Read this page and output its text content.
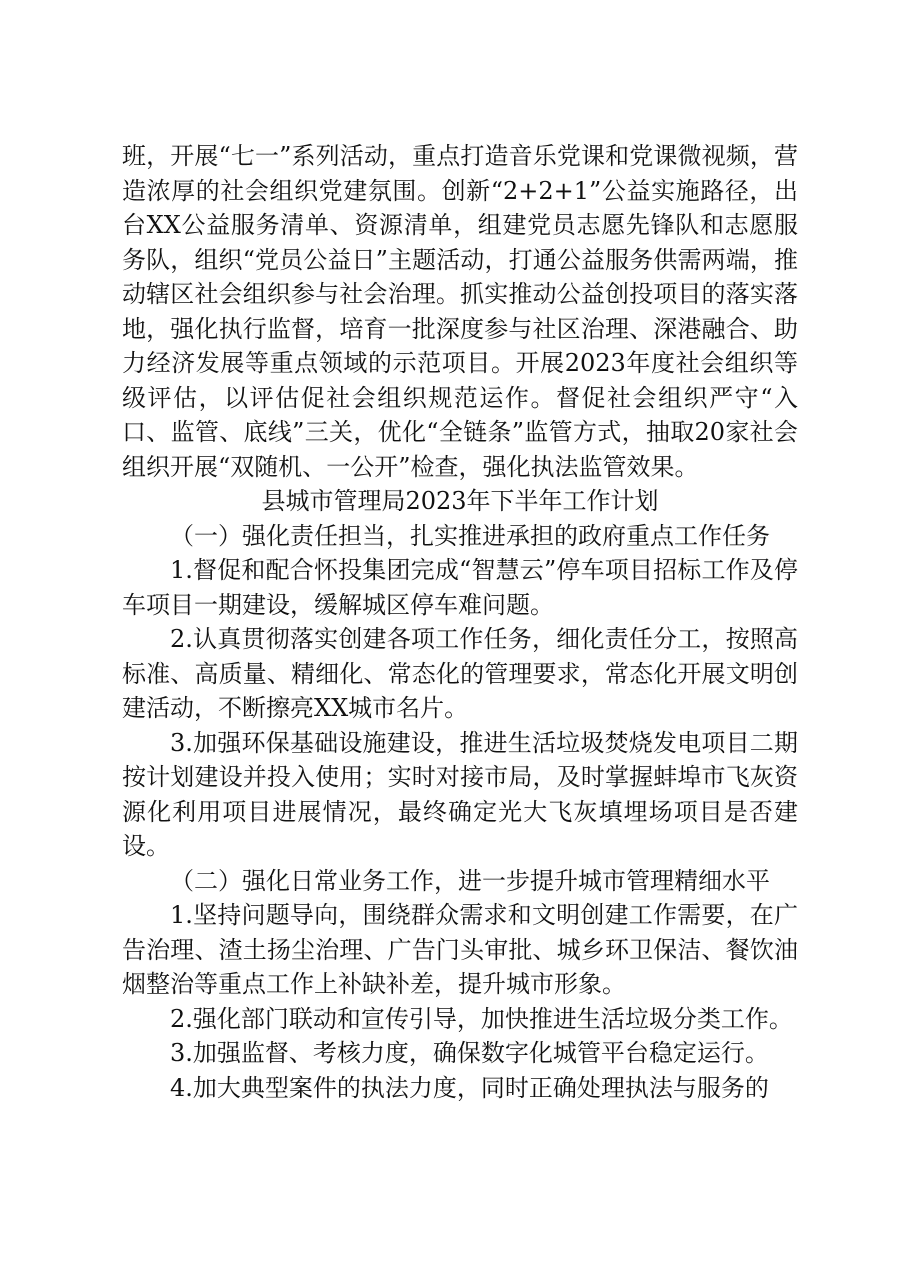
班，开展“七一”系列活动，重点打造音乐党课和党课微视频，营造浓厚的社会组织党建氛围。创新“2+2+1”公益实施路径，出台XX公益服务清单、资源清单，组建党员志愿先锋队和志愿服务队，组织“党员公益日”主题活动，打通公益服务供需两端，推动辖区社会组织参与社会治理。抓实推动公益创投项目的落实落地，强化执行监督，培育一批深度参与社区治理、深港融合、助力经济发展等重点领域的示范项目。开展2023年度社会组织等级评估，以评估促社会组织规范运作。督促社会组织严守“入口、监管、底线”三关，优化“全链条”监管方式，抽取20家社会组织开展“双随机、一公开”检查，强化执法监管效果。

县城市管理局2023年下半年工作计划

（一）强化责任担当，扎实推进承担的政府重点工作任务

1.督促和配合怀投集团完成“智慧云”停车项目招标工作及停车项目一期建设，缓解城区停车难问题。

2.认真贯彻落实创建各项工作任务，细化责任分工，按照高标准、高质量、精细化、常态化的管理要求，常态化开展文明创建活动，不断擦亮XX城市名片。

3.加强环保基础设施建设，推进生活垃圾焚烧发电项目二期按计划建设并投入使用；实时对接市局，及时掌握蚌埠市飞灰资源化利用项目进展情况，最终确定光大飞灰填埋场项目是否建设。

（二）强化日常业务工作，进一步提升城市管理精细水平

1.坚持问题导向，围绕群众需求和文明创建工作需要，在广告治理、渣土扬尘治理、广告门头审批、城乡环卫保洁、餐饮油烟整治等重点工作上补缺补差，提升城市形象。

2.强化部门联动和宣传引导，加快推进生活垃圾分类工作。

3.加强监督、考核力度，确保数字化城管平台稳定运行。

4.加大典型案件的执法力度，同时正确处理执法与服务的
